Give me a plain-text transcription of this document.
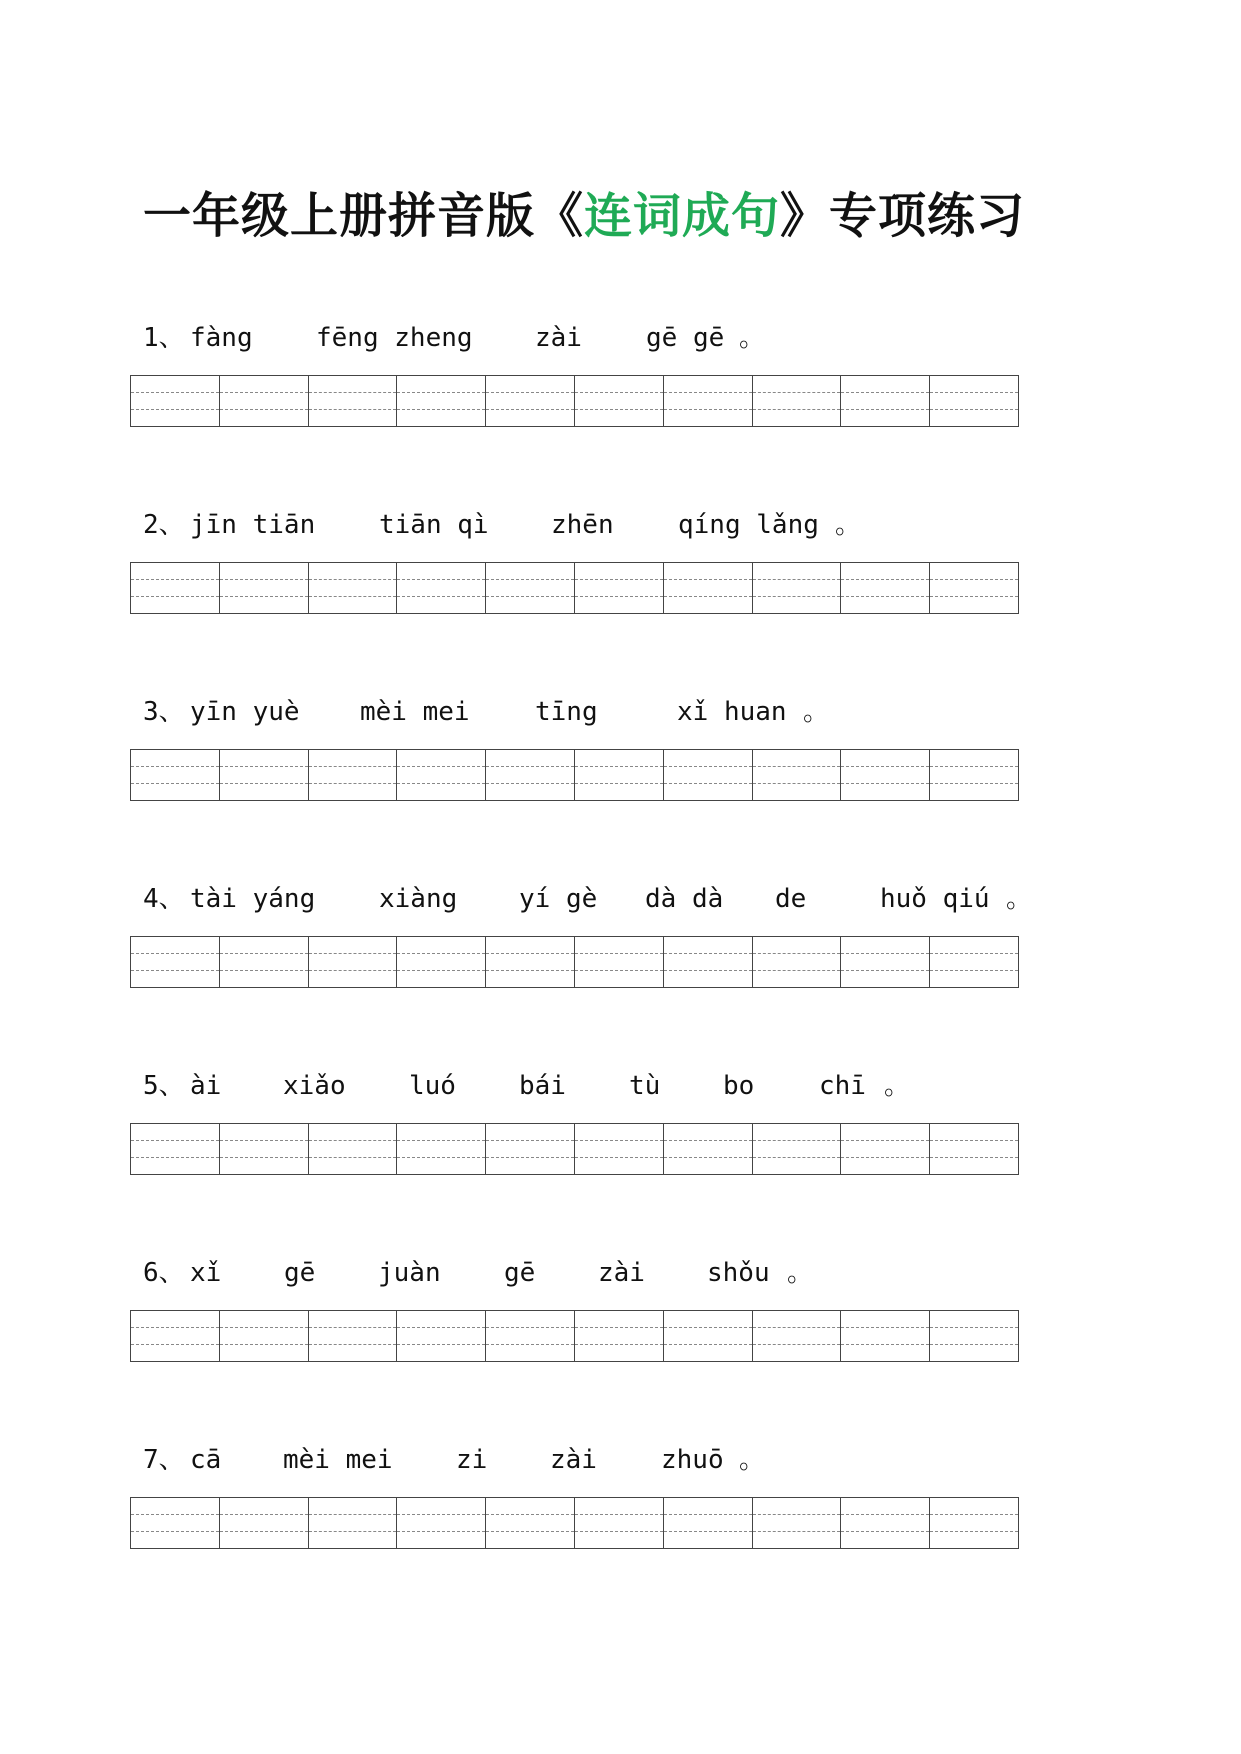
一年级上册拼音版《连词成句》专项练习
1、 fàng fēng zheng zài gē gē 。
2、 jīn tiān tiān qì zhēn qíng lǎng 。
3、 yīn yuè mèi mei	tīng	xǐ huan 。
4、 tài yáng xiàng yí gè dà dà de	huǒ qiú 。
5、 ài xiǎo luó bái tù bo chī 。
6、 xǐ gē juàn gē zài shǒu 。
7、 cā mèi mei zi zài zhuō 。
